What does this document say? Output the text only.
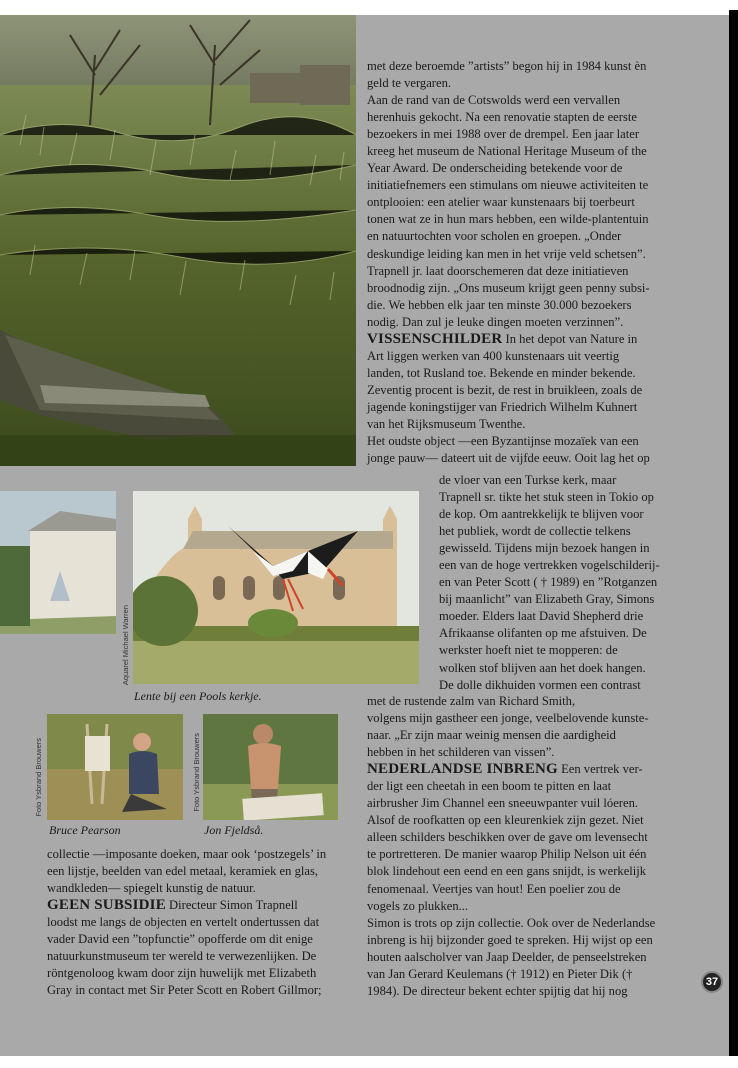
Aquarel Michael Warren
Lente bij een Pools kerkje.
Foto Ysbrand Brouwers
Bruce Pearson
Foto Ysbrand Brouwers
Jon Fjeldså.

met deze beroemde ”artists” begon hij in 1984 kunst èn

geld te vergaren.

Aan de rand van de Cotswolds werd een vervallen

herenhuis gekocht. Na een renovatie stapten de eerste

bezoekers in mei 1988 over de drempel. Een jaar later

kreeg het museum de National Heritage Museum of the

Year Award. De onderscheiding betekende voor de

initiatiefnemers een stimulans om nieuwe activiteiten te

ontplooien: een atelier waar kunstenaars bij toerbeurt

tonen wat ze in hun mars hebben, een wilde-plantentuin

en natuurtochten voor scholen en groepen. „Onder

deskundige leiding kan men in het vrije veld schetsen”.

Trapnell jr. laat doorschemeren dat deze initiatieven

broodnodig zijn. „Ons museum krijgt geen penny subsi-

die. We hebben elk jaar ten minste 30.000 bezoekers

nodig. Dan zul je leuke dingen moeten verzinnen”.

VISSENSCHILDER In het depot van Nature in

Art liggen werken van 400 kunstenaars uit veertig

landen, tot Rusland toe. Bekende en minder bekende.

Zeventig procent is bezit, de rest in bruikleen, zoals de

jagende koningstijger van Friedrich Wilhelm Kuhnert

van het Rijksmuseum Twenthe.

Het oudste object —een Byzantijnse mozaïek van een

jonge pauw— dateert uit de vijfde eeuw. Ooit lag het op

de vloer van een Turkse kerk, maar

Trapnell sr. tikte het stuk steen in Tokio op

de kop. Om aantrekkelijk te blijven voor

het publiek, wordt de collectie telkens

gewisseld. Tijdens mijn bezoek hangen in

een van de hoge vertrekken vogelschilderij-

en van Peter Scott ( † 1989) en ”Rotganzen

bij maanlicht” van Elizabeth Gray, Simons

moeder. Elders laat David Shepherd drie

Afrikaanse olifanten op me afstuiven. De

werkster hoeft niet te mopperen: de

wolken stof blijven aan het doek hangen.

De dolle dikhuiden vormen een contrast

met de rustende zalm van Richard Smith,

volgens mijn gastheer een jonge, veelbelovende kunste-

naar. „Er zijn maar weinig mensen die aardigheid

hebben in het schilderen van vissen”.

NEDERLANDSE INBRENG Een vertrek ver-

der ligt een cheetah in een boom te pitten en laat

airbrusher Jim Channel een sneeuwpanter vuil lóeren.

Alsof de roofkatten op een kleurenkiek zijn gezet. Niet

alleen schilders beschikken over de gave om levensecht

te portretteren. De manier waarop Philip Nelson uit één

blok lindehout een eend en een gans snijdt, is werkelijk

fenomenaal. Veertjes van hout! Een poelier zou de

vogels zo plukken...

Simon is trots op zijn collectie. Ook over de Nederlandse

inbreng is hij bijzonder goed te spreken. Hij wijst op een

houten aalscholver van Jaap Deelder, de penseelstreken

van Jan Gerard Keulemans († 1912) en Pieter Dik (†

1984). De directeur bekent echter spijtig dat hij nog

collectie —imposante doeken, maar ook ‘postzegels’ in

een lijstje, beelden van edel metaal, keramiek en glas,

wandkleden— spiegelt kunstig de natuur.

GEEN SUBSIDIE Directeur Simon Trapnell

loodst me langs de objecten en vertelt ondertussen dat

vader David een ”topfunctie” opofferde om dit enige

natuurkunstmuseum ter wereld te verwezenlijken. De

röntgenoloog kwam door zijn huwelijk met Elizabeth

Gray in contact met Sir Peter Scott en Robert Gillmor;

37
